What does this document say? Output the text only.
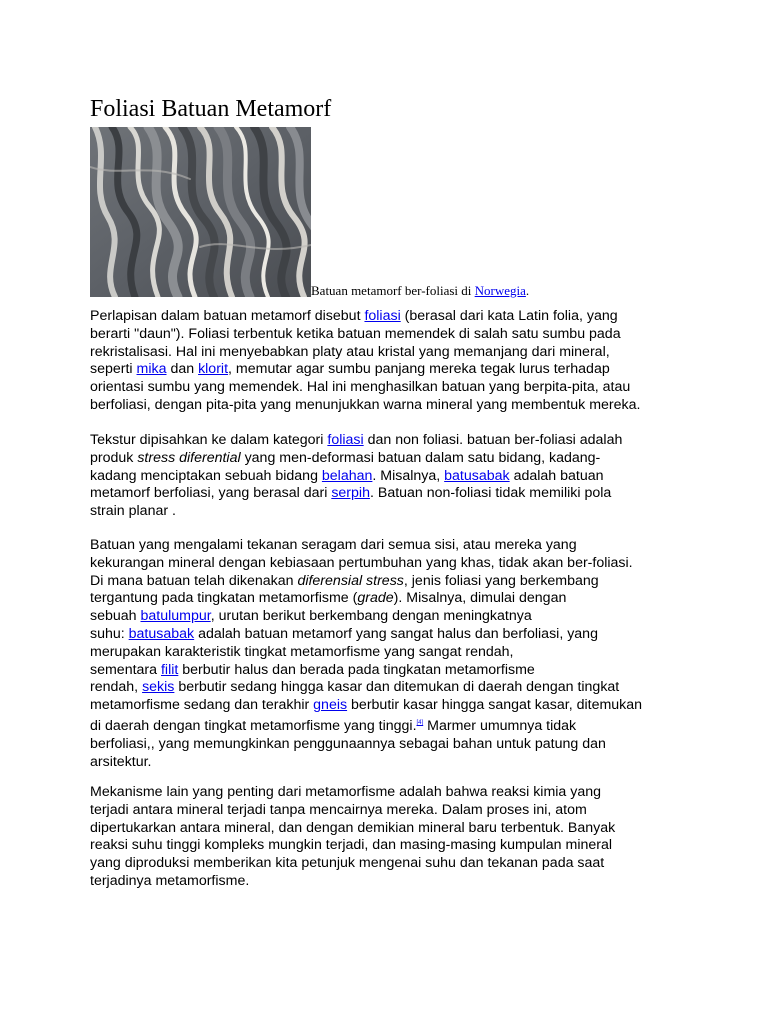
Foliasi Batuan Metamorf
Batuan metamorf ber-foliasi di Norwegia.
Perlapisan dalam batuan metamorf disebut foliasi (berasal dari kata Latin folia, yang
berarti "daun"). Foliasi terbentuk ketika batuan memendek di salah satu sumbu pada
rekristalisasi. Hal ini menyebabkan platy atau kristal yang memanjang dari mineral,
seperti mika dan klorit, memutar agar sumbu panjang mereka tegak lurus terhadap
orientasi sumbu yang memendek. Hal ini menghasilkan batuan yang berpita-pita, atau
berfoliasi, dengan pita-pita yang menunjukkan warna mineral yang membentuk mereka.
Tekstur dipisahkan ke dalam kategori foliasi dan non foliasi. batuan ber-foliasi adalah
produk stress diferential yang men-deformasi batuan dalam satu bidang, kadang-
kadang menciptakan sebuah bidang belahan. Misalnya, batusabak adalah batuan
metamorf berfoliasi, yang berasal dari serpih. Batuan non-foliasi tidak memiliki pola
strain planar .
Batuan yang mengalami tekanan seragam dari semua sisi, atau mereka yang
kekurangan mineral dengan kebiasaan pertumbuhan yang khas, tidak akan ber-foliasi.
Di mana batuan telah dikenakan diferensial stress, jenis foliasi yang berkembang
tergantung pada tingkatan metamorfisme (grade). Misalnya, dimulai dengan
sebuah batulumpur, urutan berikut berkembang dengan meningkatnya
suhu: batusabak adalah batuan metamorf yang sangat halus dan berfoliasi, yang
merupakan karakteristik tingkat metamorfisme yang sangat rendah,
sementara filit berbutir halus dan berada pada tingkatan metamorfisme
rendah, sekis berbutir sedang hingga kasar dan ditemukan di daerah dengan tingkat
metamorfisme sedang dan terakhir gneis berbutir kasar hingga sangat kasar, ditemukan
di daerah dengan tingkat metamorfisme yang tinggi.[4] Marmer umumnya tidak
berfoliasi,, yang memungkinkan penggunaannya sebagai bahan untuk patung dan
arsitektur.
Mekanisme lain yang penting dari metamorfisme adalah bahwa reaksi kimia yang
terjadi antara mineral terjadi tanpa mencairnya mereka. Dalam proses ini, atom
dipertukarkan antara mineral, dan dengan demikian mineral baru terbentuk. Banyak
reaksi suhu tinggi kompleks mungkin terjadi, dan masing-masing kumpulan mineral
yang diproduksi memberikan kita petunjuk mengenai suhu dan tekanan pada saat
terjadinya metamorfisme.
